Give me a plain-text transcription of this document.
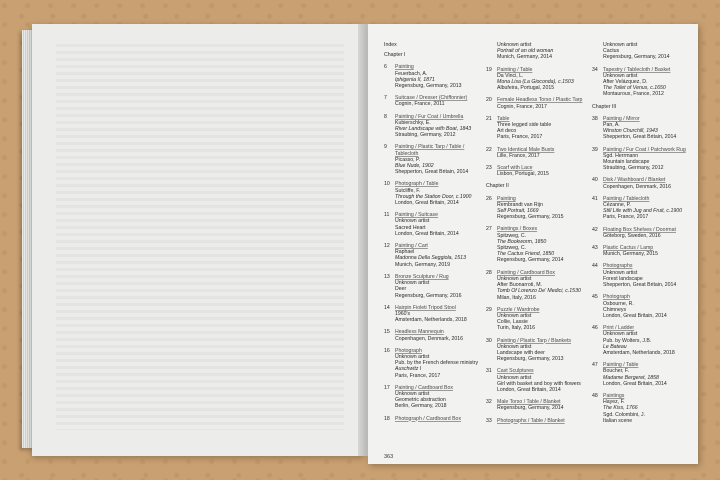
Index
Chapter I
6	Painting
Feuerbach, A.
Iphigenia II, 1871
Regensburg, Germany, 2013
7	Suitcase / Dresser (Chiffonnier)
Cognin, France, 2011
8	Painting / Fur Coat / Umbrella
Kubierschky, E.
River Landscape with Boat, 1843
Straubing, Germany, 2012
9	Painting / Plastic Tarp / Table /
Tablecloth
Picasso, P.
Blue Nude, 1902
Shepperton, Great Britain, 2014
10	Photograph / Table
Sutcliffe, F.
Through the Station Door, c.1900
London, Great Britain, 2014
11	Painting / Suitcase
Unknown artist
Sacred Heart
London, Great Britain, 2014
12	Painting / Cart
Raphael
Madonna Della Seggiola, 1513
Munich, Germany, 2019
13	Bronze Sculpture / Rug
Unknown artist
Deer
Regensburg, Germany, 2016
14	Hairpin Fioleti Tripod Stool
1960's
Amsterdam, Netherlands, 2018
15	Headless Mannequin
Copenhagen, Denmark, 2016
16	Photograph
Unknown artist
Pub. by the French defense ministry
Auschwitz I
Paris, France, 2017
17	Painting / Cardboard Box
Unknown artist
Geometric abstraction
Berlin, Germany, 2018
18	Photograph / Cardboard Box
Unknown artist
Portrait of an old woman
Munich, Germany, 2014
19	Painting / Table
Da Vinci, L.
Mona Lisa (La Gioconda), c.1503
Albufeira, Portugal, 2015
20	Female Headless Torso / Plastic Tarp
Cognin, France, 2017
21	Table
Three legged side table
Art deco
Paris, France, 2017
22	Two Identical Male Busts
Lille, France, 2017
23	Scarf with Lace
Lisbon, Portugal, 2015
Chapter II
26	Painting
Rembrandt van Rijn
Self Portrait, 1669
Regensburg, Germany, 2015
27	Paintings / Boxes
Spitzweg, C.
The Bookworm, 1850
Spitzweg, C.
The Cactus Friend, 1850
Regensburg, Germany, 2014
28	Painting / Cardboard Box
Unknown artist
After Buonarroti, M.
Tomb Of Lorenzo De' Medici, c.1530
Milan, Italy, 2016
29	Puzzle / Wardrobe
Unknown artist
Collie, Lassie
Turin, Italy, 2016
30	Painting / Plastic Tarp / Blankets
Unknown artist
Landscape with deer
Regensburg, Germany, 2013
31	Cast Sculptures
Unknown artist
Girl with basket and boy with flowers
London, Great Britain, 2014
32	Male Torso / Table / Blanket
Regensburg, Germany, 2014
33	Photographs / Table / Blanket
Unknown artist
Cactus
Regensburg, Germany, 2014
34	Tapestry / Tablecloth / Basket
Unknown artist
After Velázquez, D.
The Toilet of Venus, c.1650
Montauroux, France, 2012
Chapter III
38	Painting / Mirror
Pan, A.
Winston Churchill, 1943
Shepperton, Great Britain, 2014
39	Painting / Fur Coat / Patchwork Rug
Sgd. Herrmann
Mountain landscape
Straubing, Germany, 2012
40	Disk / Washboard / Blanket
Copenhagen, Denmark, 2016
41	Painting / Tablecloth
Cézanne, P.
Still Life with Jug and Fruit, c.1900
Paris, France, 2017
42	Floating Box Shelves / Doormat
Göteborg, Sweden, 2016
43	Plastic Cactus / Lamp
Munich, Germany, 2015
44	Photographs
Unknown artist
Forest landscape
Shepperton, Great Britain, 2014
45	Photograph
Osbourne, R.
Chimneys
London, Great Britain, 2014
46	Print / Ladder
Unknown artist
Pub. by Wolters, J.B.
Le Bateau
Amsterdam, Netherlands, 2018
47	Painting / Table
Boucher, F.
Madame Bergeret, 1858
London, Great Britain, 2014
48	Paintings
Hayez, F.
The Kiss, 1766
Sgd. Colombini, J.
Italian scene
363
